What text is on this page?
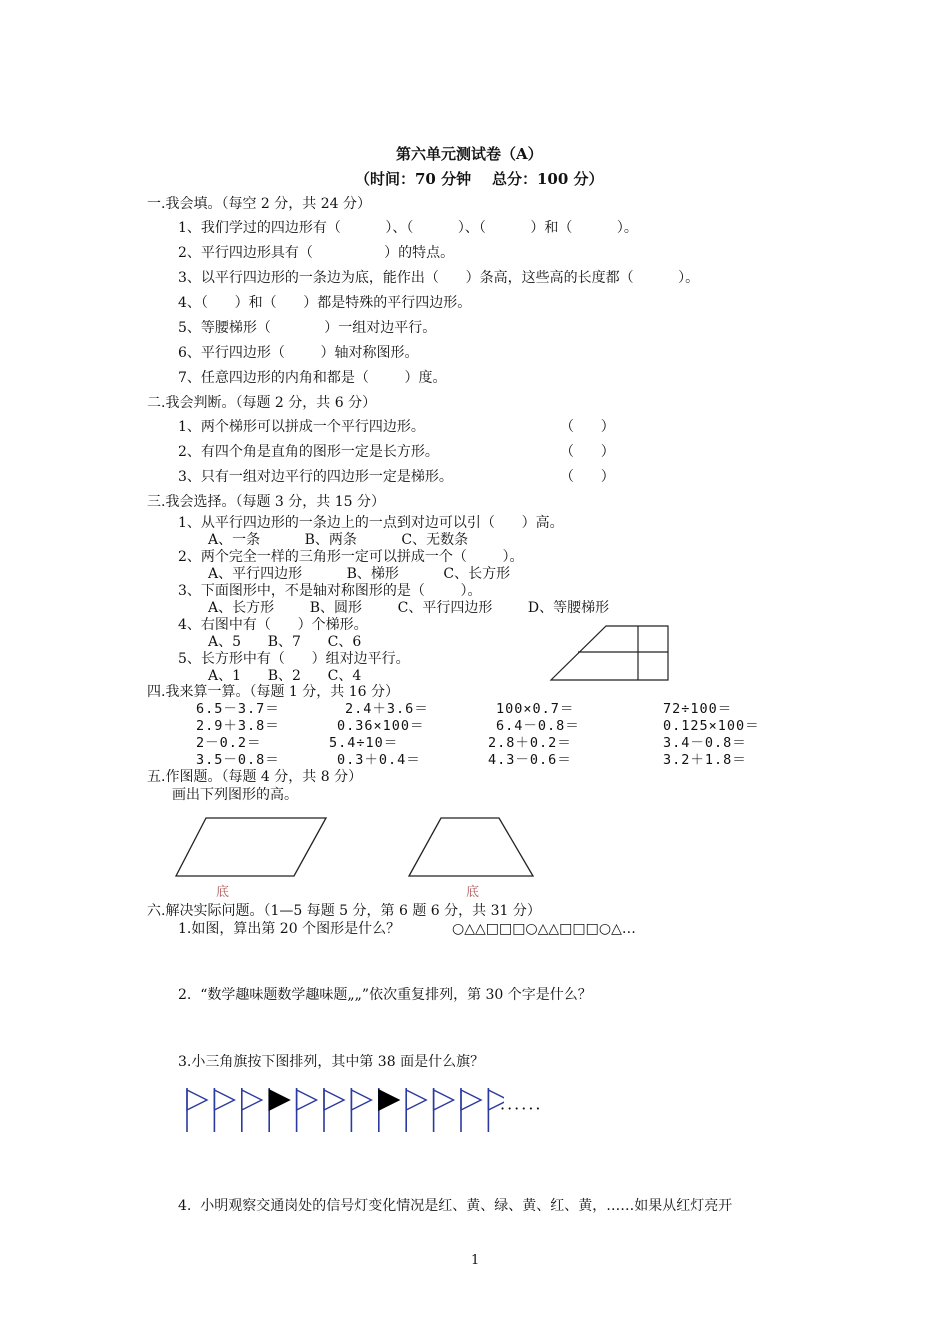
第六单元测试卷（A）
（时间：70 分钟    总分：100 分）
一.我会填。（每空 2 分，共 24 分）
1、我们学过的四边形有（          ）、（          ）、（          ）和（          ）。
2、平行四边形具有（                ）的特点。
3、以平行四边形的一条边为底，能作出（      ）条高，这些高的长度都（          ）。
4、（      ）和（      ）都是特殊的平行四边形。
5、等腰梯形（            ）一组对边平行。
6、平行四边形（        ）轴对称图形。
7、任意四边形的内角和都是（        ）度。
二.我会判断。（每题 2 分，共 6 分）
1、两个梯形可以拼成一个平行四边形。	（      ）
2、有四个角是直角的图形一定是长方形。	（      ）
3、只有一组对边平行的四边形一定是梯形。	（      ）
三.我会选择。（每题 3 分，共 15 分）
1、从平行四边形的一条边上的一点到对边可以引（      ）高。
A、一条          B、两条          C、无数条
2、两个完全一样的三角形一定可以拼成一个（        ）。
A、平行四边形          B、梯形          C、长方形
3、下面图形中，不是轴对称图形的是（        ）。
A、长方形        B、圆形        C、平行四边形        D、等腰梯形
4、右图中有（      ）个梯形。
A、5      B、7      C、6
5、长方形中有（      ）组对边平行。
A、1      B、2      C、4
四.我来算一算。（每题 1 分，共 16 分）
6.5－3.7＝	2.4＋3.6＝	100×0.7＝	72÷100＝
2.9＋3.8＝	0.36×100＝	6.4－0.8＝	0.125×100＝
2－0.2＝	5.4÷10＝	2.8＋0.2＝	3.4－0.8＝
3.5－0.8＝	0.3＋0.4＝	4.3－0.6＝	3.2＋1.8＝
五.作图题。（每题 4 分，共 8 分）
画出下列图形的高。
底	底
六.解决实际问题。（1—5 每题 5 分，第 6 题 6 分，共 31 分）
1.如图，算出第 20 个图形是什么？	○△△□□□○△△□□□○△…
2.  “数学趣味题数学趣味题„„”依次重复排列，第 30 个字是什么？
3.小三角旗按下图排列，其中第 38 面是什么旗？
······
4.  小明观察交通岗处的信号灯变化情况是红、黄、绿、黄、红、黄，……如果从红灯亮开
1
